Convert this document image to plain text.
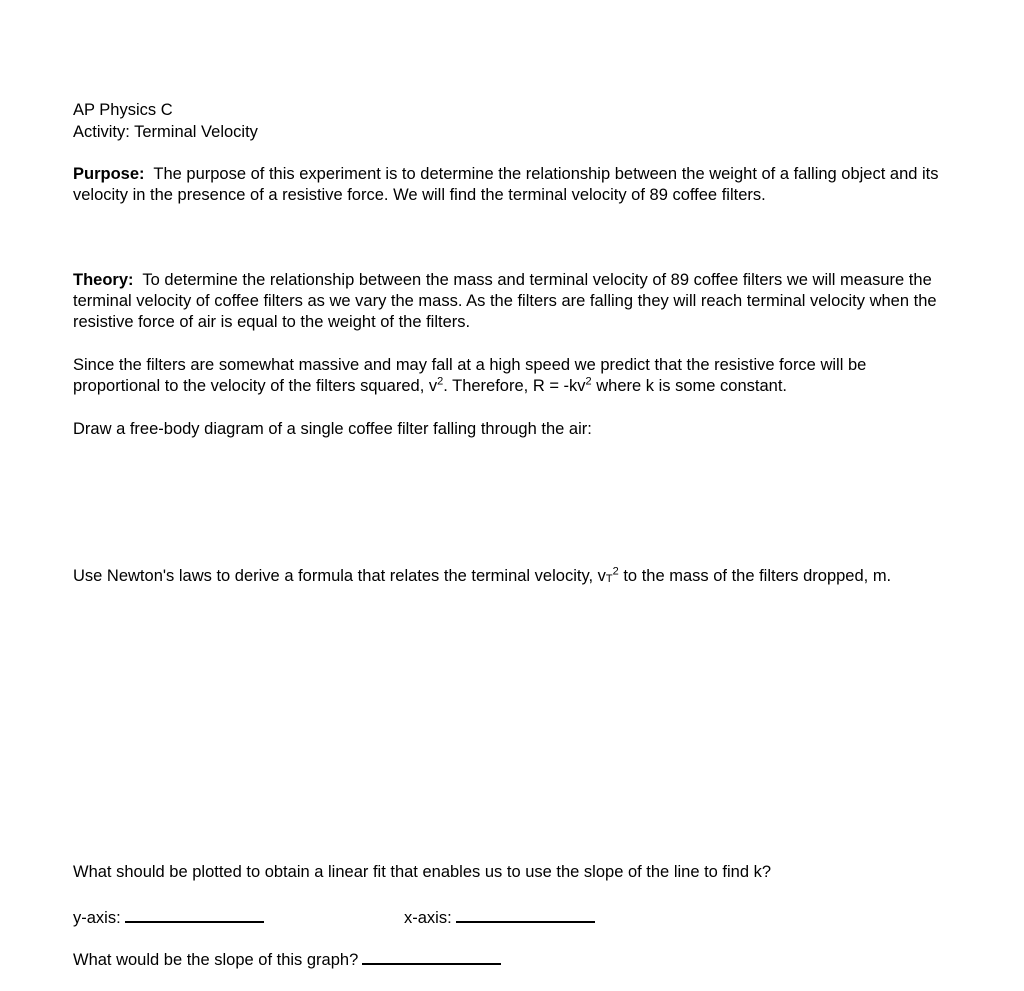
AP Physics C
Activity: Terminal Velocity
Purpose: The purpose of this experiment is to determine the relationship between the weight of a falling object and its velocity in the presence of a resistive force. We will find the terminal velocity of 89 coffee filters.
Theory: To determine the relationship between the mass and terminal velocity of 89 coffee filters we will measure the terminal velocity of coffee filters as we vary the mass. As the filters are falling they will reach terminal velocity when the resistive force of air is equal to the weight of the filters.
Since the filters are somewhat massive and may fall at a high speed we predict that the resistive force will be proportional to the velocity of the filters squared, $v^2$. Therefore, $R = -kv^2$ where k is some constant.
Draw a free-body diagram of a single coffee filter falling through the air:
Use Newton's laws to derive a formula that relates the terminal velocity, $vT^2$ to the mass of the filters dropped, m.
What should be plotted to obtain a linear fit that enables us to use the slope of the line to find k?
y-axis:	x-axis:
What would be the slope of this graph?
